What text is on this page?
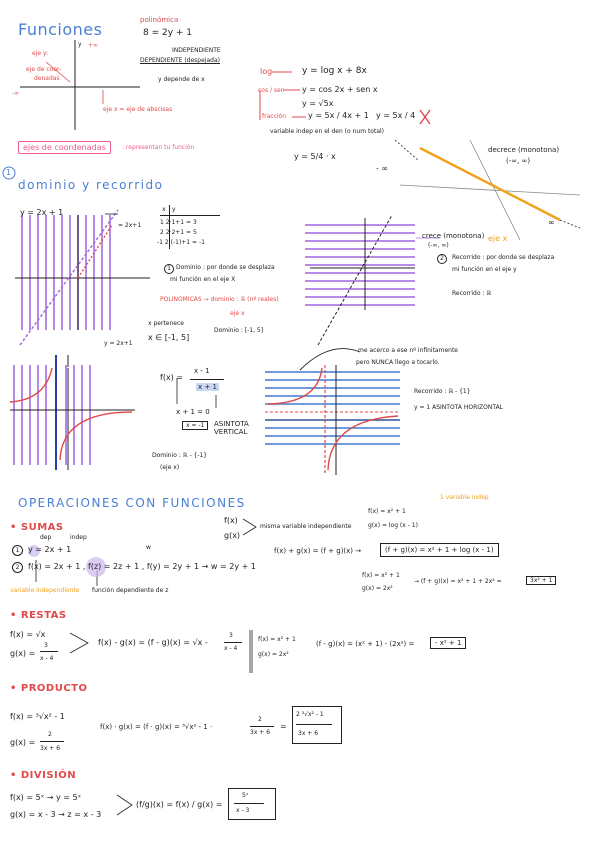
Funciones	polinómica
8 = 2y + 1
INDEPENDIENTE
DEPENDIENTE (despejada)
y depende de x
eje y:
eje de coor-
denadas
y +∞
-∞
eje x = eje de abscisas
ejes de coordenadas	: representan tu función
log	y = log x + 8x
cos / sen y = cos 2x + sen x
y = √5x
fracción	y = 5x / 4x + 1 y = 5x / 4
variable indep en el den (o num total)
y = 5/4 · x
- ∞
decrece (monotona)
(-∞, ∞)
∞
1
dominio y recorrido
y = 2x + 1
= 2x+1
x y
1 2·1+1 = 3
2 2·2+1 = 5
-1 2·(-1)+1 = -1
1 Dominio : por donde se desplaza
mi función en el eje X
POLINOMICAS → dominio : ℝ (nº reales)
x pertenece
eje x
x ∈ [-1, 5]
Dominio : [-1, 5]
y = 2x+1
crece (monotona)
(-∞, ∞)
eje x
2	Recorrido : por donde se desplaza
mi función en el eje y
Recorrido : ℝ
f(x) =
x - 1
x + 1
x + 1 = 0
x = -1	ASINTOTA VERTICAL
Dominio : ℝ - {-1}
(eje x)
me acerco a ese nº infinitamente
pero NUNCA llego a tocarlo.
Recorrido : ℝ - {1}
y = 1 ASINTOTA HORIZONTAL
OPERACIONES CON FUNCIONES
• SUMAS
dep	indep
1	y = 2x + 1
2	f(x) = 2x + 1 , f(z) = 2z + 1 , f(y) = 2y + 1 → w = 2y + 1
w
variable independiente función dependiente de z
f(x)
g(x)
misma variable independiente
f(x) + g(x) = (f + g)(x) →	(f + g)(x) = x² + 1 + log (x - 1)
1 variable indep
f(x) = x² + 1
g(x) = log (x - 1)
f(x) = x² + 1
g(x) = 2x²
→ (f + g)(x) = x² + 1 + 2x² =	3x² + 1
• RESTAS
f(x) = √x
g(x) =
3
x - 4
f(x) - g(x) = (f - g)(x) = √x -
3
x - 4
f(x) = x² + 1
g(x) = 2x²
(f - g)(x) = (x² + 1) - (2x²) =	- x² + 1
• PRODUCTO
f(x) = ³√x² - 1
g(x) =
2
3x + 6
f(x) · g(x) = (f · g)(x) = ³√x² - 1 ·
2
3x + 6
=
2 ³√x² - 1
3x + 6
• DIVISIÓN
f(x) = 5ˣ → y = 5ˣ
g(x) = x - 3 → z = x - 3
(f/g)(x) = f(x) / g(x) =
5ˣ
x - 3
